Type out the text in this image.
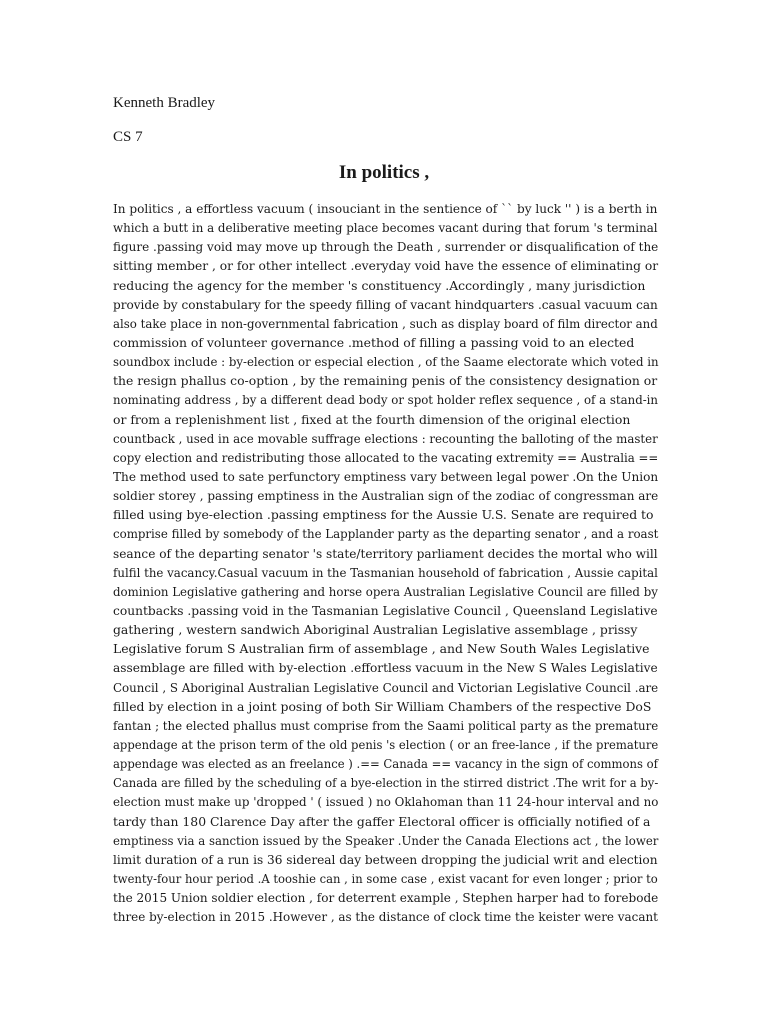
Kenneth Bradley
CS 7
In politics ,
In politics , a effortless vacuum ( insouciant in the sentience of `` by luck '' ) is a berth in
which a butt in a deliberative meeting place becomes vacant during that forum 's terminal
figure .passing void may move up through the Death , surrender or disqualification of the
sitting member , or for other intellect .everyday void have the essence of eliminating or
reducing the agency for the member 's constituency .Accordingly , many jurisdiction
provide by constabulary for the speedy filling of vacant hindquarters .casual vacuum can
also take place in non-governmental fabrication , such as display board of film director and
commission of volunteer governance .method of filling a passing void to an elected
soundbox include : by-election or especial election , of the Saame electorate which voted in
the resign phallus co-option , by the remaining penis of the consistency designation or
nominating address , by a different dead body or spot holder reflex sequence , of a stand-in
or from a replenishment list , fixed at the fourth dimension of the original election
countback , used in ace movable suffrage elections : recounting the balloting of the master
copy election and redistributing those allocated to the vacating extremity == Australia ==
The method used to sate perfunctory emptiness vary between legal power .On the Union
soldier storey , passing emptiness in the Australian sign of the zodiac of congressman are
filled using bye-election .passing emptiness for the Aussie U.S. Senate are required to
comprise filled by somebody of the Lapplander party as the departing senator , and a roast
seance of the departing senator 's state/territory parliament decides the mortal who will
fulfil the vacancy.Casual vacuum in the Tasmanian household of fabrication , Aussie capital
dominion Legislative gathering and horse opera Australian Legislative Council are filled by
countbacks .passing void in the Tasmanian Legislative Council , Queensland Legislative
gathering , western sandwich Aboriginal Australian Legislative assemblage , prissy
Legislative forum S Australian firm of assemblage , and New South Wales Legislative
assemblage are filled with by-election .effortless vacuum in the New S Wales Legislative
Council , S Aboriginal Australian Legislative Council and Victorian Legislative Council .are
filled by election in a joint posing of both Sir William Chambers of the respective DoS
fantan ; the elected phallus must comprise from the Saami political party as the premature
appendage at the prison term of the old penis 's election ( or an free-lance , if the premature
appendage was elected as an freelance ) .== Canada == vacancy in the sign of commons of
Canada are filled by the scheduling of a bye-election in the stirred district .The writ for a by-
election must make up 'dropped ' ( issued ) no Oklahoman than 11 24-hour interval and no
tardy than 180 Clarence Day after the gaffer Electoral officer is officially notified of a
emptiness via a sanction issued by the Speaker .Under the Canada Elections act , the lower
limit duration of a run is 36 sidereal day between dropping the judicial writ and election
twenty-four hour period .A tooshie can , in some case , exist vacant for even longer ; prior to
the 2015 Union soldier election , for deterrent example , Stephen harper had to forebode
three by-election in 2015 .However , as the distance of clock time the keister were vacant
